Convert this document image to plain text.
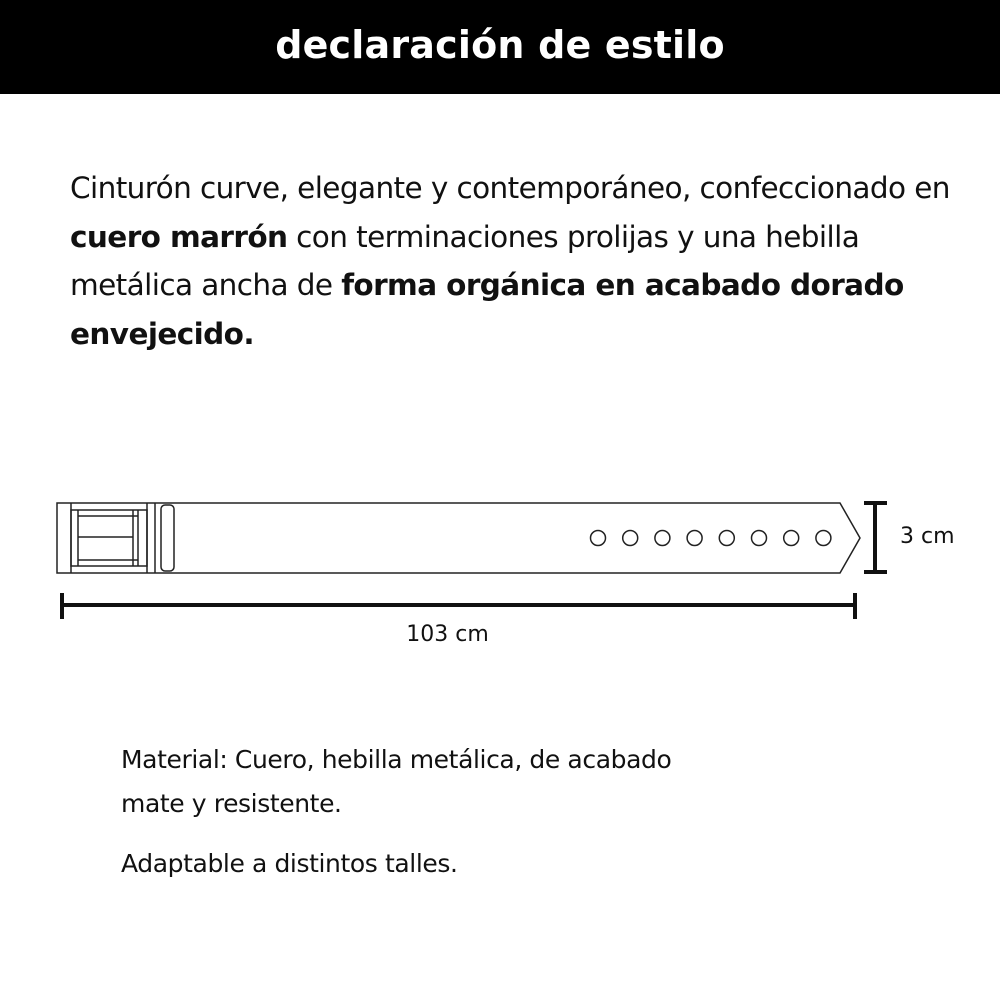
declaración de estilo
Cinturón curve, elegante y contemporáneo, confeccionado en cuero marrón con terminaciones prolijas y una hebilla metálica ancha de forma orgánica en acabado dorado envejecido.
3 cm
103 cm
Material: Cuero, hebilla metálica, de acabado mate y resistente.
Adaptable a distintos talles.
